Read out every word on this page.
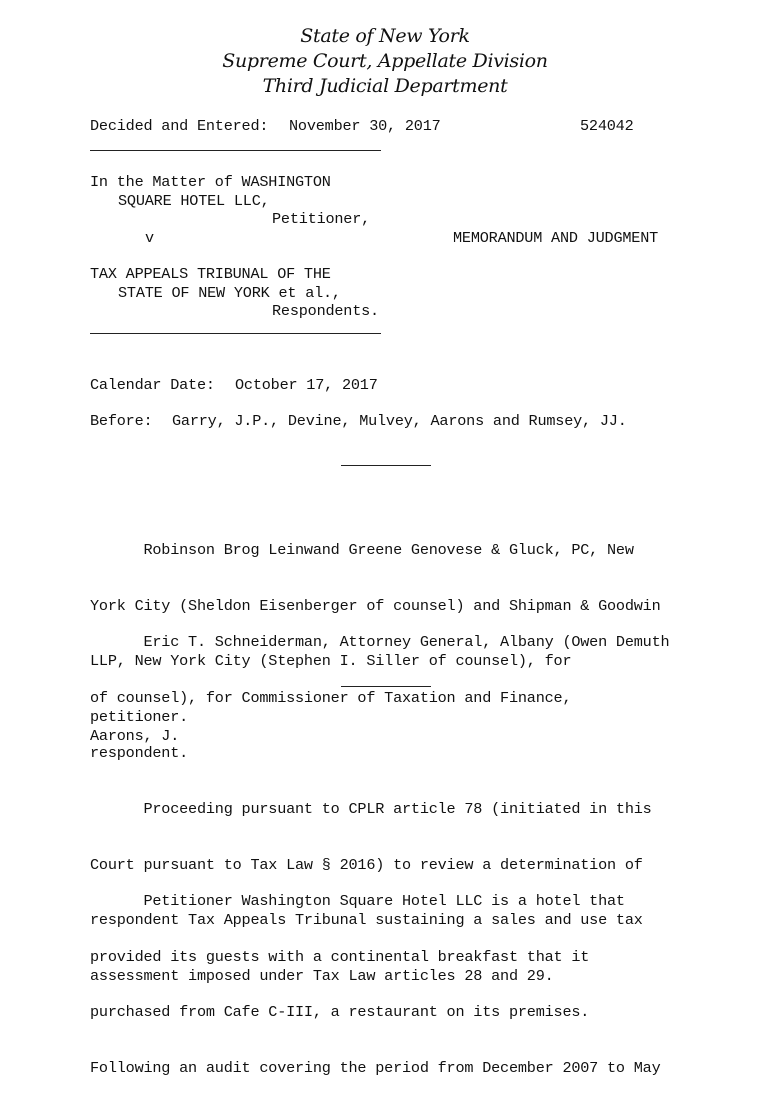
State of New York
Supreme Court, Appellate Division
Third Judicial Department
Decided and Entered: November 30, 2017	524042
In the Matter of WASHINGTON
SQUARE HOTEL LLC,
Petitioner,
v	MEMORANDUM AND JUDGMENT
TAX APPEALS TRIBUNAL OF THE
STATE OF NEW YORK et al.,
Respondents.
Calendar Date: October 17, 2017
Before: Garry, J.P., Devine, Mulvey, Aarons and Rumsey, JJ.

Robinson Brog Leinwand Greene Genovese & Gluck, PC, New

York City (Sheldon Eisenberger of counsel) and Shipman & Goodwin

LLP, New York City (Stephen I. Siller of counsel), for

petitioner.

Eric T. Schneiderman, Attorney General, Albany (Owen Demuth

of counsel), for Commissioner of Taxation and Finance,

respondent.

Aarons, J.

Proceeding pursuant to CPLR article 78 (initiated in this

Court pursuant to Tax Law § 2016) to review a determination of

respondent Tax Appeals Tribunal sustaining a sales and use tax

assessment imposed under Tax Law articles 28 and 29.

Petitioner Washington Square Hotel LLC is a hotel that

provided its guests with a continental breakfast that it

purchased from Cafe C-III, a restaurant on its premises.

Following an audit covering the period from December 2007 to May
